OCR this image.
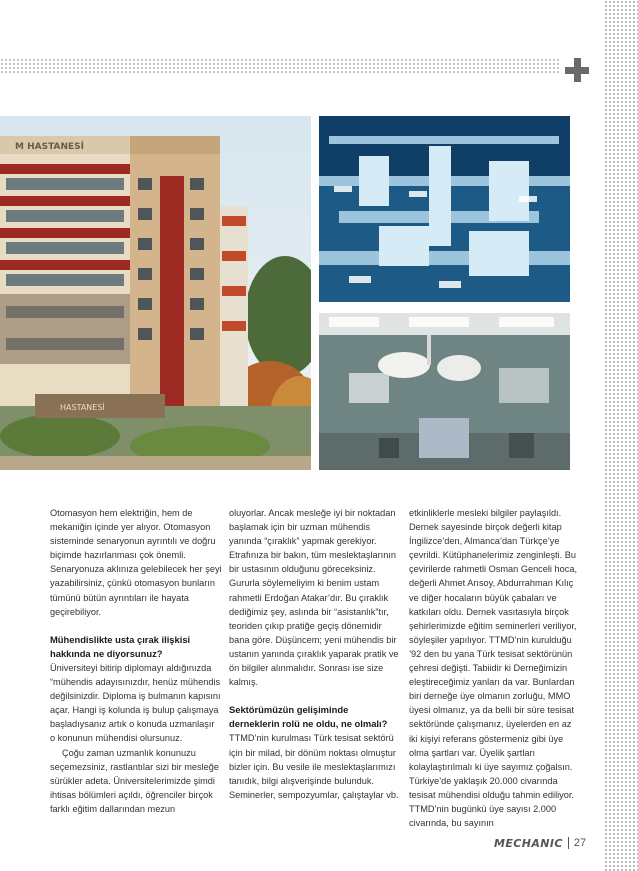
M HASTANESİ
HASTANESİ

Otomasyon hem elektriğin, hem de mekaniğin içinde yer alıyor. Otomasyon sisteminde senaryonun ayrıntılı ve doğru biçimde hazırlanması çok önemli. Senaryonuza aklınıza gelebilecek her şeyi yazabilirsiniz, çünkü otomasyon bunların tümünü bütün ayrıntıları ile hayata geçirebiliyor.

Mühendislikte usta çırak ilişkisi hakkında ne diyorsunuz?

Üniversiteyi bitirip diplomayı aldığınızda “mühendis adayısınızdır, henüz mühendis değilsinizdir. Diploma iş bulmanın kapısını açar. Hangi iş kolunda iş bulup çalışmaya başladıysanız artık o konuda uzmanlaşır o konunun mühendisi olursunuz.

Çoğu zaman uzmanlık konunuzu seçemezsiniz, rastlantılar sizi bir mesleğe sürükler adeta. Üniversitelerimizde şimdi ihtisas bölümleri açıldı, öğrenciler birçok farklı eğitim dallarından mezun

oluyorlar. Ancak mesleğe iyi bir noktadan başlamak için bir uzman mühendis yanında “çıraklık” yapmak gerekiyor. Etrafınıza bir bakın, tüm meslektaşlarının bir ustasının olduğunu göreceksiniz. Gururla söylemeliyim ki benim ustam rahmetli Erdoğan Atakar’dır. Bu çıraklık dediğimiz şey, aslında bir “asistanlık”tır, teoriden çıkıp pratiğe geçiş dönemidir bana göre. Düşüncem; yeni mühendis bir ustanın yanında çıraklık yaparak pratik ve ön bilgiler alınmalıdır. Sonrası ise size kalmış.

Sektörümüzün gelişiminde derneklerin rolü ne oldu, ne olmalı?

TTMD’nin kurulması Türk tesisat sektörü için bir milad, bir dönüm noktası olmuştur bizler için. Bu vesile ile meslektaşlarımızı tanıdık, bilgi alışverişinde bulunduk. Seminerler, sempozyumlar, çalıştaylar vb.

etkinliklerle mesleki bilgiler paylaşıldı. Dernek sayesinde birçok değerli kitap İngilizce’den, Almanca’dan Türkçe’ye çevrildi. Kütüphanelerimiz zenginleşti. Bu çevirilerde rahmetli Osman Genceli hoca, değerli Ahmet Arısoy, Abdurrahman Kılıç ve diğer hocaların büyük çabaları ve katkıları oldu. Dernek vasıtasıyla birçok şehirlerimizde eğitim seminerleri veriliyor, söyleşiler yapılıyor. TTMD’nin kurulduğu ’92 den bu yana Türk tesisat sektörünün çehresi değişti. Tabiidir ki Derneğimizin eleştireceğimiz yanları da var. Bunlardan biri derneğe üye olmanın zorluğu, MMO üyesi olmanız, ya da belli bir süre tesisat sektöründe çalışmanız, üyelerden en az iki kişiyi referans göstermeniz gibi üye olma şartları var. Üyelik şartları kolaylaştırılmalı ki üye sayımız çoğalsın. Türkiye’de yaklaşık 20.000 civarında tesisat mühendisi olduğu tahmin ediliyor. TTMD’nin bugünkü üye sayısı 2.000 civarında, bu sayının

MECHANIC 27
